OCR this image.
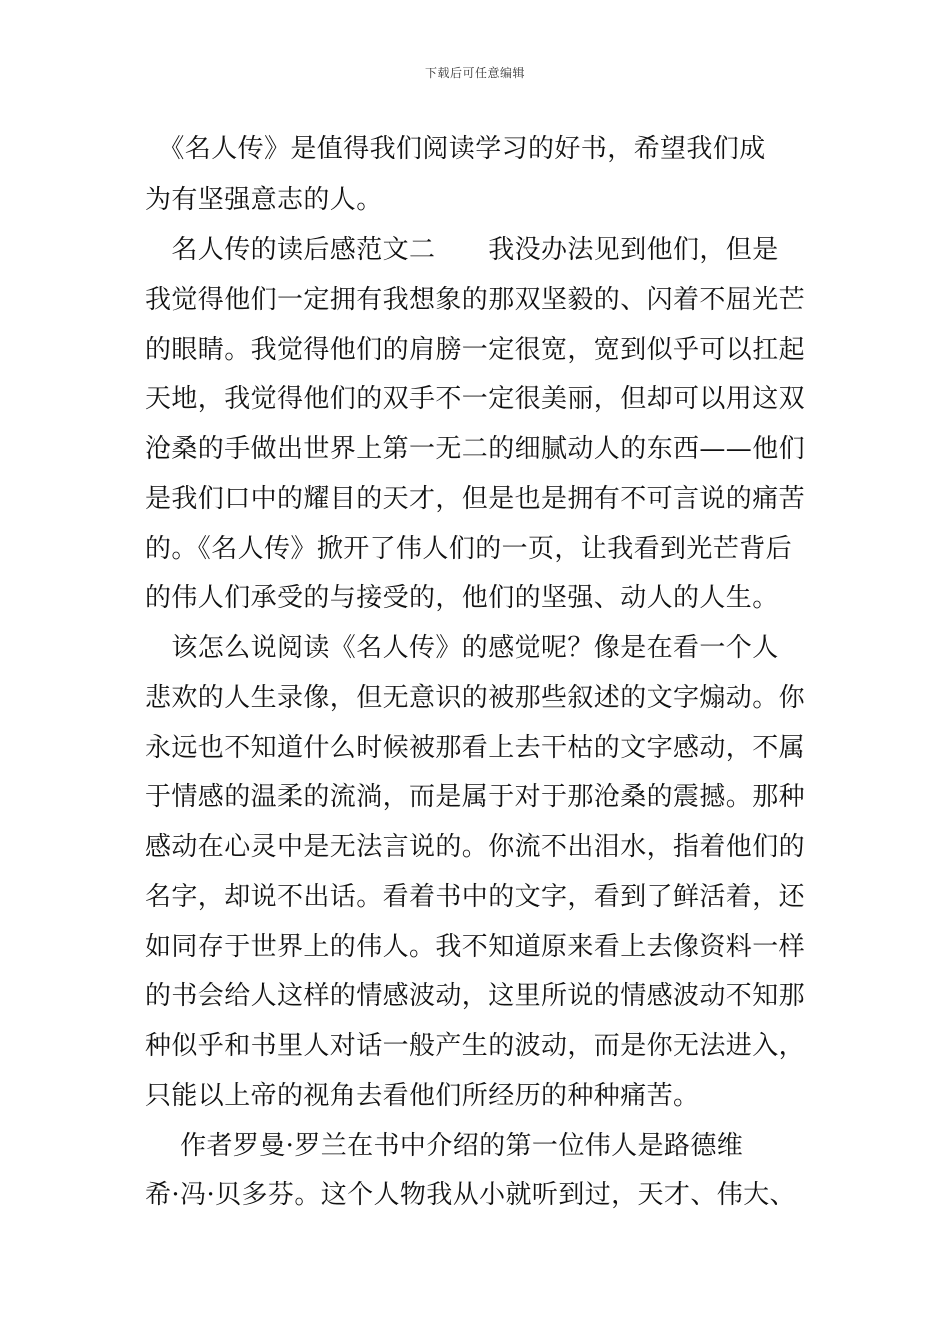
下载后可任意编辑

　《名人传》是值得我们阅读学习的好书，希望我们成

为有坚强意志的人。

　名人传的读后感范文二　　我没办法见到他们，但是

我觉得他们一定拥有我想象的那双坚毅的、闪着不屈光芒

的眼睛。我觉得他们的肩膀一定很宽，宽到似乎可以扛起

天地，我觉得他们的双手不一定很美丽，但却可以用这双

沧桑的手做出世界上第一无二的细腻动人的东西——他们

是我们口中的耀目的天才，但是也是拥有不可言说的痛苦

的。《名人传》掀开了伟人们的一页，让我看到光芒背后

的伟人们承受的与接受的，他们的坚强、动人的人生。

　该怎么说阅读《名人传》的感觉呢？像是在看一个人

悲欢的人生录像，但无意识的被那些叙述的文字煽动。你

永远也不知道什么时候被那看上去干枯的文字感动，不属

于情感的温柔的流淌，而是属于对于那沧桑的震撼。那种

感动在心灵中是无法言说的。你流不出泪水，指着他们的

名字，却说不出话。看着书中的文字，看到了鲜活着，还

如同存于世界上的伟人。我不知道原来看上去像资料一样

的书会给人这样的情感波动，这里所说的情感波动不知那

种似乎和书里人对话一般产生的波动，而是你无法进入，

只能以上帝的视角去看他们所经历的种种痛苦。

　 作者罗曼·罗兰在书中介绍的第一位伟人是路德维

希·冯·贝多芬。这个人物我从小就听到过，天才、伟大、
